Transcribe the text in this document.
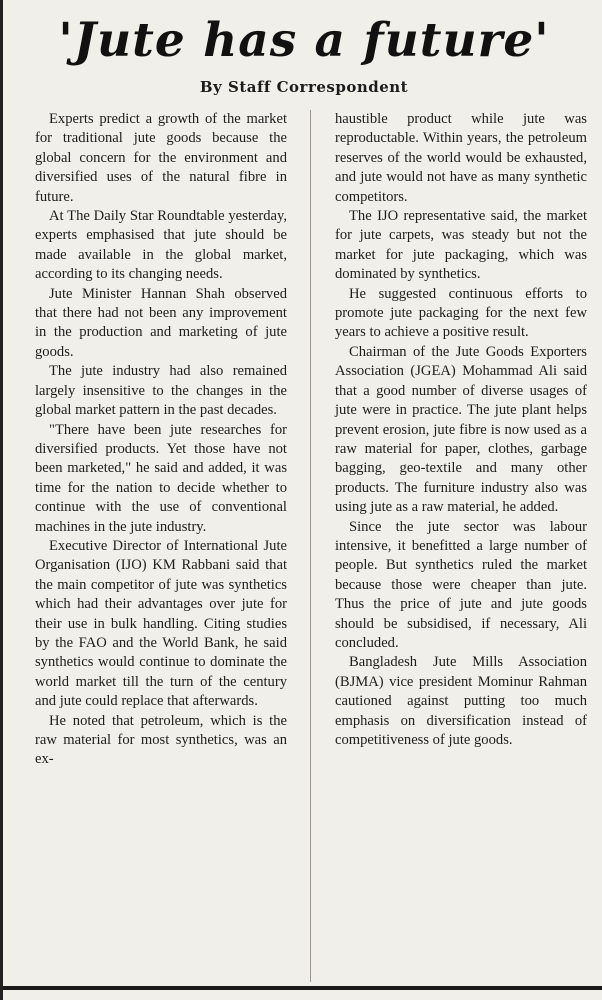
'Jute has a future'
By Staff Correspondent

Experts predict a growth of the market for traditional jute goods because the global concern for the environment and diversified uses of the natural fibre in future.

At The Daily Star Roundtable yesterday, experts emphasised that jute should be made available in the global market, according to its changing needs.

Jute Minister Hannan Shah observed that there had not been any improvement in the production and marketing of jute goods.

The jute industry had also remained largely insensitive to the changes in the global market pattern in the past decades.

"There have been jute researches for diversified products. Yet those have not been marketed," he said and added, it was time for the nation to decide whether to continue with the use of conventional machines in the jute industry.

Executive Director of International Jute Organisation (IJO) KM Rabbani said that the main competitor of jute was synthetics which had their advantages over jute for their use in bulk handling. Citing studies by the FAO and the World Bank, he said synthetics would continue to dominate the world market till the turn of the century and jute could replace that afterwards.

He noted that petroleum, which is the raw material for most synthetics, was an ex-

haustible product while jute was reproductable. Within years, the petroleum reserves of the world would be exhausted, and jute would not have as many synthetic competitors.

The IJO representative said, the market for jute carpets, was steady but not the market for jute packaging, which was dominated by synthetics.

He suggested continuous efforts to promote jute packaging for the next few years to achieve a positive result.

Chairman of the Jute Goods Exporters Association (JGEA) Mohammad Ali said that a good number of diverse usages of jute were in practice. The jute plant helps prevent erosion, jute fibre is now used as a raw material for paper, clothes, garbage bagging, geo-textile and many other products. The furniture industry also was using jute as a raw material, he added.

Since the jute sector was labour intensive, it benefitted a large number of people. But synthetics ruled the market because those were cheaper than jute. Thus the price of jute and jute goods should be subsidised, if necessary, Ali concluded.

Bangladesh Jute Mills Association (BJMA) vice president Mominur Rahman cautioned against putting too much emphasis on diversification instead of competitiveness of jute goods.
